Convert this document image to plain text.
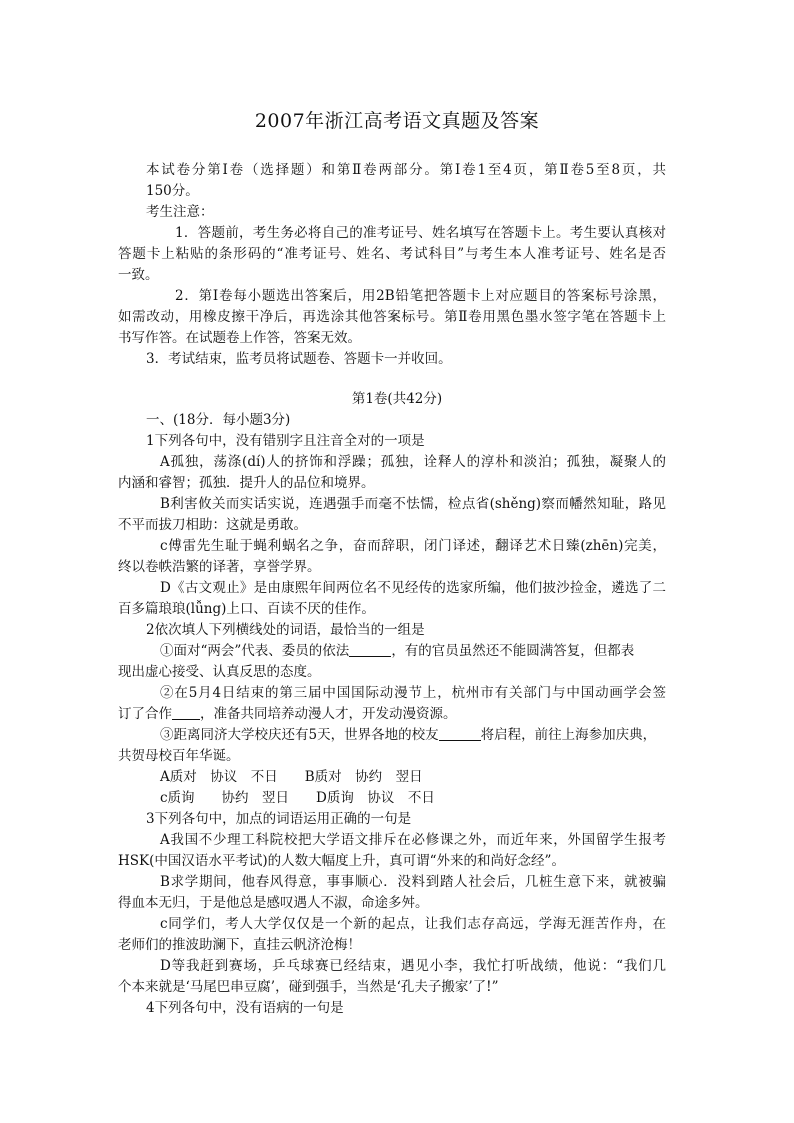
2007年浙江高考语文真题及答案
本试卷分第Ⅰ卷（选择题）和第Ⅱ卷两部分。第Ⅰ卷1至4页，第Ⅱ卷5至8页，共
150分。
考生注意：
1．答题前，考生务必将自己的准考证号、姓名填写在答题卡上。考生要认真核对
答题卡上粘贴的条形码的“准考证号、姓名、考试科目”与考生本人准考证号、姓名是否
一致。
2．第Ⅰ卷每小题选出答案后，用2B铅笔把答题卡上对应题目的答案标号涂黑，
如需改动，用橡皮擦干净后，再选涂其他答案标号。第Ⅱ卷用黑色墨水签字笔在答题卡上
书写作答。在试题卷上作答，答案无效。
3．考试结束，监考员将试题卷、答题卡一并收回。
第1卷(共42分)
一、(18分．每小题3分)
1下列各句中，没有错别字且注音全对的一项是
A孤独，荡涤(dí)人的挤饰和浮躁；孤独，诠释人的淳朴和淡泊；孤独，凝聚人的
内涵和睿智；孤独．提升人的品位和境界。
B利害攸关而实话实说，连遇强手而毫不怯懦，检点省(shěng)察而幡然知耻，路见
不平而拔刀相助：这就是勇敢。
c傅雷先生耻于蝇利蜗名之争，奋而辞职，闭门译述，翻译艺术日臻(zhēn)完美，
终以卷帙浩繁的译著，享誉学界。
D《古文观止》是由康熙年间两位名不见经传的选家所编，他们披沙捡金，遴选了二
百多篇琅琅(lǚng)上口、百读不厌的佳作。
2依次填人下列横线处的词语，最恰当的一组是
①面对“两会”代表、委员的依法	，有的官员虽然还不能圆满答复，但都表
现出虚心接受、认真反思的态度。
②在5月4日结束的第三届中国国际动漫节上，杭州市有关部门与中国动画学会签
订了合作 ，准备共同培养动漫人才，开发动漫资源。
③距离同济大学校庆还有5天，世界各地的校友	将启程，前往上海参加庆典，
共贺母校百年华诞。
A质对　协议　不日　　B质对　协约　翌日
c质询　　协约　翌日　　D质询　协议　不日
3下列各句中，加点的词语运用正确的一句是
A我国不少理工科院校把大学语文排斥在必修课之外，而近年来，外国留学生报考
HSK(中国汉语水平考试)的人数大幅度上升，真可谓“外来的和尚好念经”。
B求学期间，他春风得意，事事顺心．没料到踏人社会后，几桩生意下来，就被骗
得血本无归，于是他总是感叹遇人不淑，命途多舛。
c同学们，考人大学仅仅是一个新的起点，让我们志存高远，学海无涯苦作舟，在
老师们的推波助澜下，直挂云帆济沧梅！
D等我赶到赛场，乒乓球赛已经结束，遇见小李，我忙打听战绩，他说：“我们几
个本来就是‘马尾巴串豆腐’，碰到强手，当然是‘孔夫子搬家’了!”
4下列各句中，没有语病的一句是
